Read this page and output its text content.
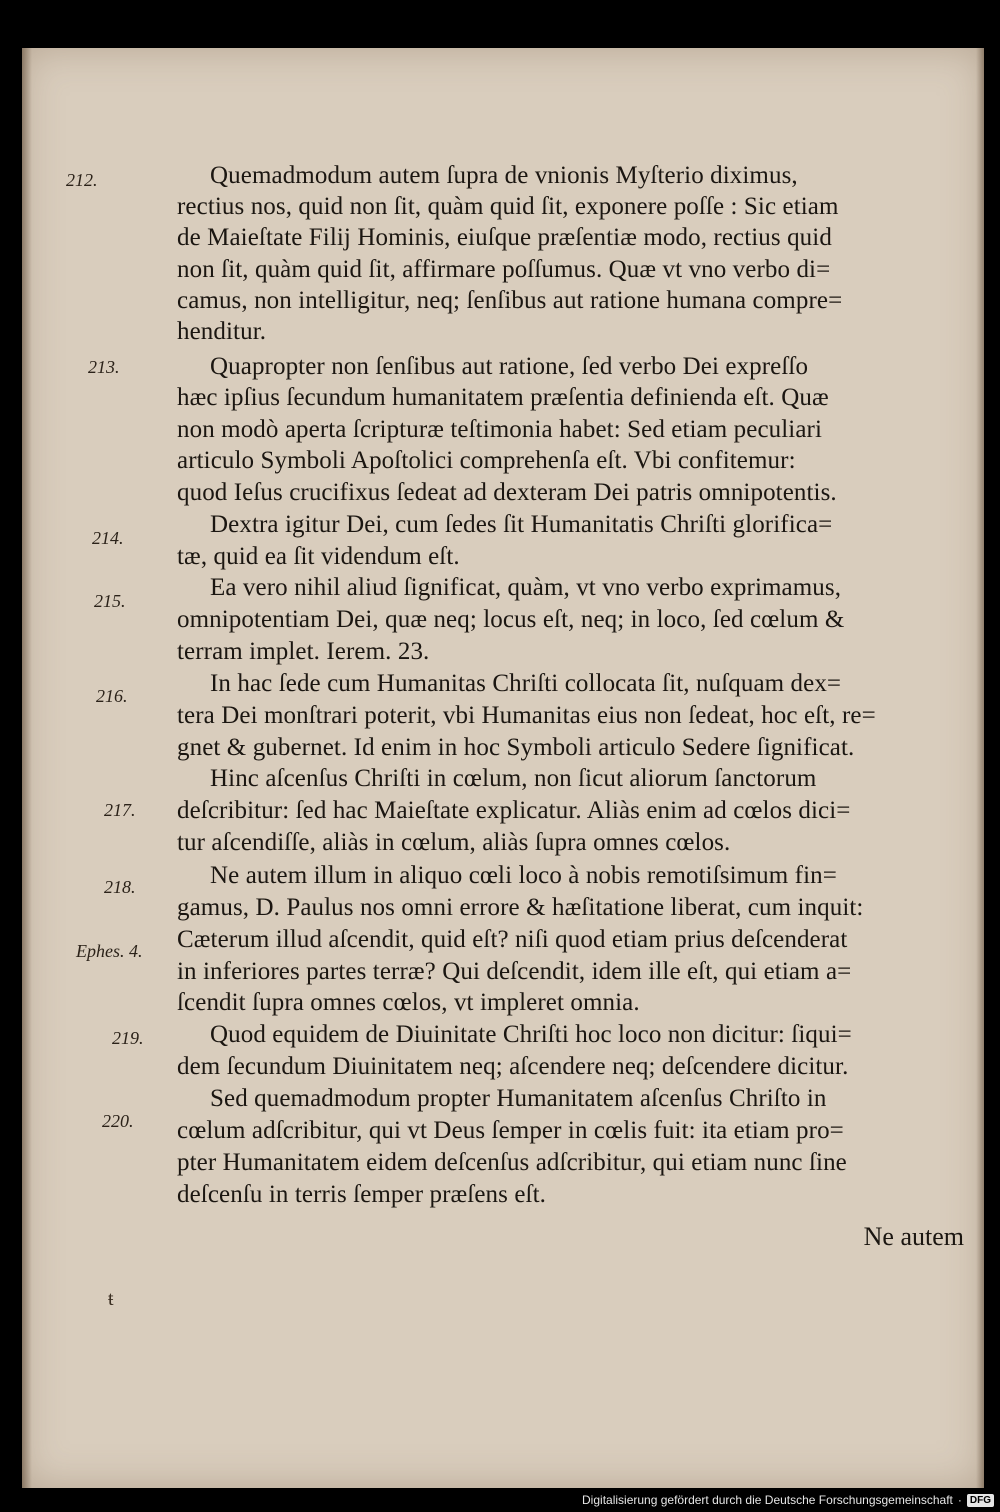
Quemadmodum autem ſupra de vnionis Myſterio diximus,
rectius nos, quid non ſit, quàm quid ſit, exponere poſſe : Sic etiam
de Maieſtate Filij Hominis, eiuſque præſentiæ modo, rectius quid
non ſit, quàm quid ſit, affirmare poſſumus. Quæ vt vno verbo di=
camus, non intelligitur, neq; ſenſibus aut ratione humana compre=
henditur.
Quapropter non ſenſibus aut ratione, ſed verbo Dei expreſſo
hæc ipſius ſecundum humanitatem præſentia definienda eſt. Quæ
non modò aperta ſcripturæ teſtimonia habet: Sed etiam peculiari
articulo Symboli Apoſtolici comprehenſa eſt. Vbi confitemur:
quod Ieſus crucifixus ſedeat ad dexteram Dei patris omnipotentis.
Dextra igitur Dei, cum ſedes ſit Humanitatis Chriſti glorifica=
tæ, quid ea ſit videndum eſt.
Ea vero nihil aliud ſignificat, quàm, vt vno verbo exprimamus,
omnipotentiam Dei, quæ neq; locus eſt, neq; in loco, ſed cœlum &
terram implet. Ierem. 23.
In hac ſede cum Humanitas Chriſti collocata ſit, nuſquam dex=
tera Dei monſtrari poterit, vbi Humanitas eius non ſedeat, hoc eſt, re=
gnet & gubernet. Id enim in hoc Symboli articulo Sedere ſignificat.
Hinc aſcenſus Chriſti in cœlum, non ſicut aliorum ſanctorum
deſcribitur: ſed hac Maieſtate explicatur. Aliàs enim ad cœlos dici=
tur aſcendiſſe, aliàs in cœlum, aliàs ſupra omnes cœlos.
Ne autem illum in aliquo cœli loco à nobis remotiſsimum fin=
gamus, D. Paulus nos omni errore & hæſitatione liberat, cum inquit:
Cæterum illud aſcendit, quid eſt? niſi quod etiam prius deſcenderat
in inferiores partes terræ? Qui deſcendit, idem ille eſt, qui etiam a=
ſcendit ſupra omnes cœlos, vt impleret omnia.
Quod equidem de Diuinitate Chriſti hoc loco non dicitur: ſiqui=
dem ſecundum Diuinitatem neq; aſcendere neq; deſcendere dicitur.
Sed quemadmodum propter Humanitatem aſcenſus Chriſto in
cœlum adſcribitur, qui vt Deus ſemper in cœlis fuit: ita etiam pro=
pter Humanitatem eidem deſcenſus adſcribitur, qui etiam nunc ſine
deſcenſu in terris ſemper præſens eſt.
212.
213.
214.
215.
216.
217.
218.
Ephes. 4.
219.
220.
Ne autem
ŧ
Digitalisierung gefördert durch die Deutsche Forschungsgemeinschaft · DFG
